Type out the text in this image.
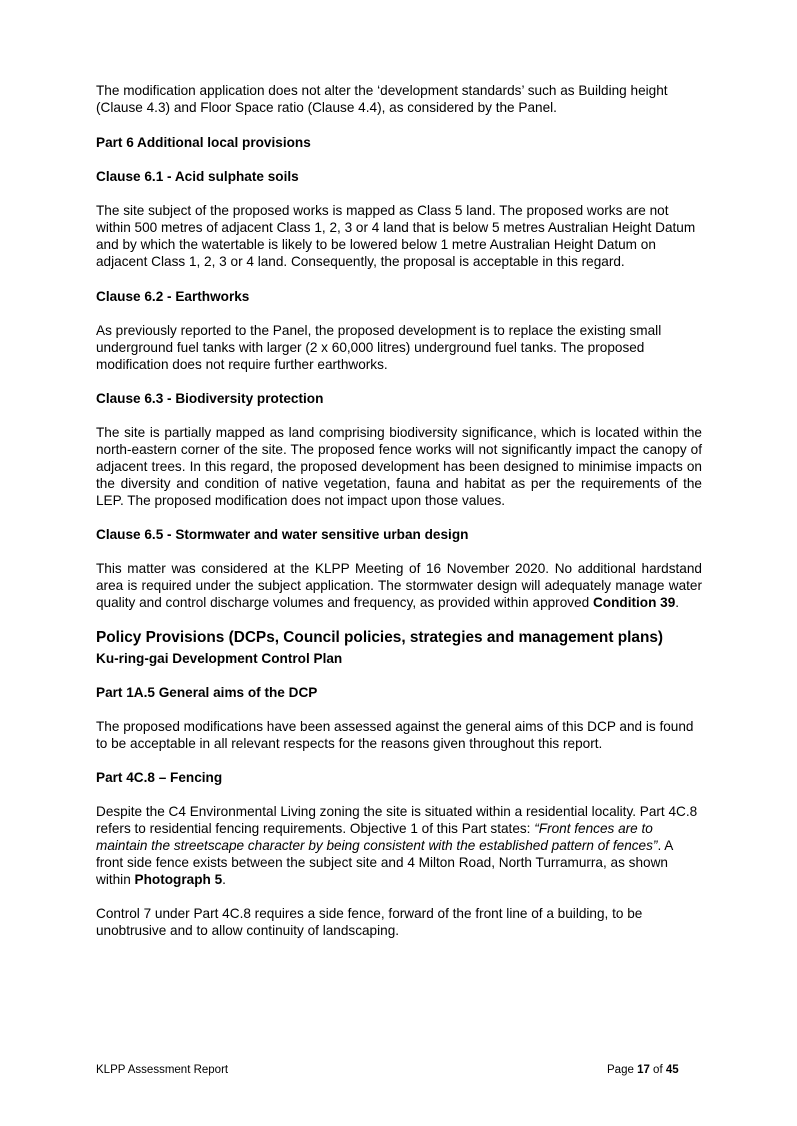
The modification application does not alter the ‘development standards’ such as Building height (Clause 4.3) and Floor Space ratio (Clause 4.4), as considered by the Panel.

Part 6 Additional local provisions
Clause 6.1 - Acid sulphate soils

The site subject of the proposed works is mapped as Class 5 land. The proposed works are not within 500 metres of adjacent Class 1, 2, 3 or 4 land that is below 5 metres Australian Height Datum and by which the watertable is likely to be lowered below 1 metre Australian Height Datum on adjacent Class 1, 2, 3 or 4 land. Consequently, the proposal is acceptable in this regard.

Clause 6.2 - Earthworks

As previously reported to the Panel, the proposed development is to replace the existing small underground fuel tanks with larger (2 x 60,000 litres) underground fuel tanks. The proposed modification does not require further earthworks.

Clause 6.3 - Biodiversity protection

The site is partially mapped as land comprising biodiversity significance, which is located within the north-eastern corner of the site. The proposed fence works will not significantly impact the canopy of adjacent trees. In this regard, the proposed development has been designed to minimise impacts on the diversity and condition of native vegetation, fauna and habitat as per the requirements of the LEP. The proposed modification does not impact upon those values.

Clause 6.5 - Stormwater and water sensitive urban design

This matter was considered at the KLPP Meeting of 16 November 2020. No additional hardstand area is required under the subject application. The stormwater design will adequately manage water quality and control discharge volumes and frequency, as provided within approved Condition 39.

Policy Provisions (DCPs, Council policies, strategies and management plans)
Ku-ring-gai Development Control Plan
Part 1A.5 General aims of the DCP

The proposed modifications have been assessed against the general aims of this DCP and is found to be acceptable in all relevant respects for the reasons given throughout this report.

Part 4C.8 – Fencing

Despite the C4 Environmental Living zoning the site is situated within a residential locality. Part 4C.8 refers to residential fencing requirements. Objective 1 of this Part states: “Front fences are to maintain the streetscape character by being consistent with the established pattern of fences”. A front side fence exists between the subject site and 4 Milton Road, North Turramurra, as shown within Photograph 5.

Control 7 under Part 4C.8 requires a side fence, forward of the front line of a building, to be unobtrusive and to allow continuity of landscaping.

KLPP Assessment Report	Page 17 of 45
